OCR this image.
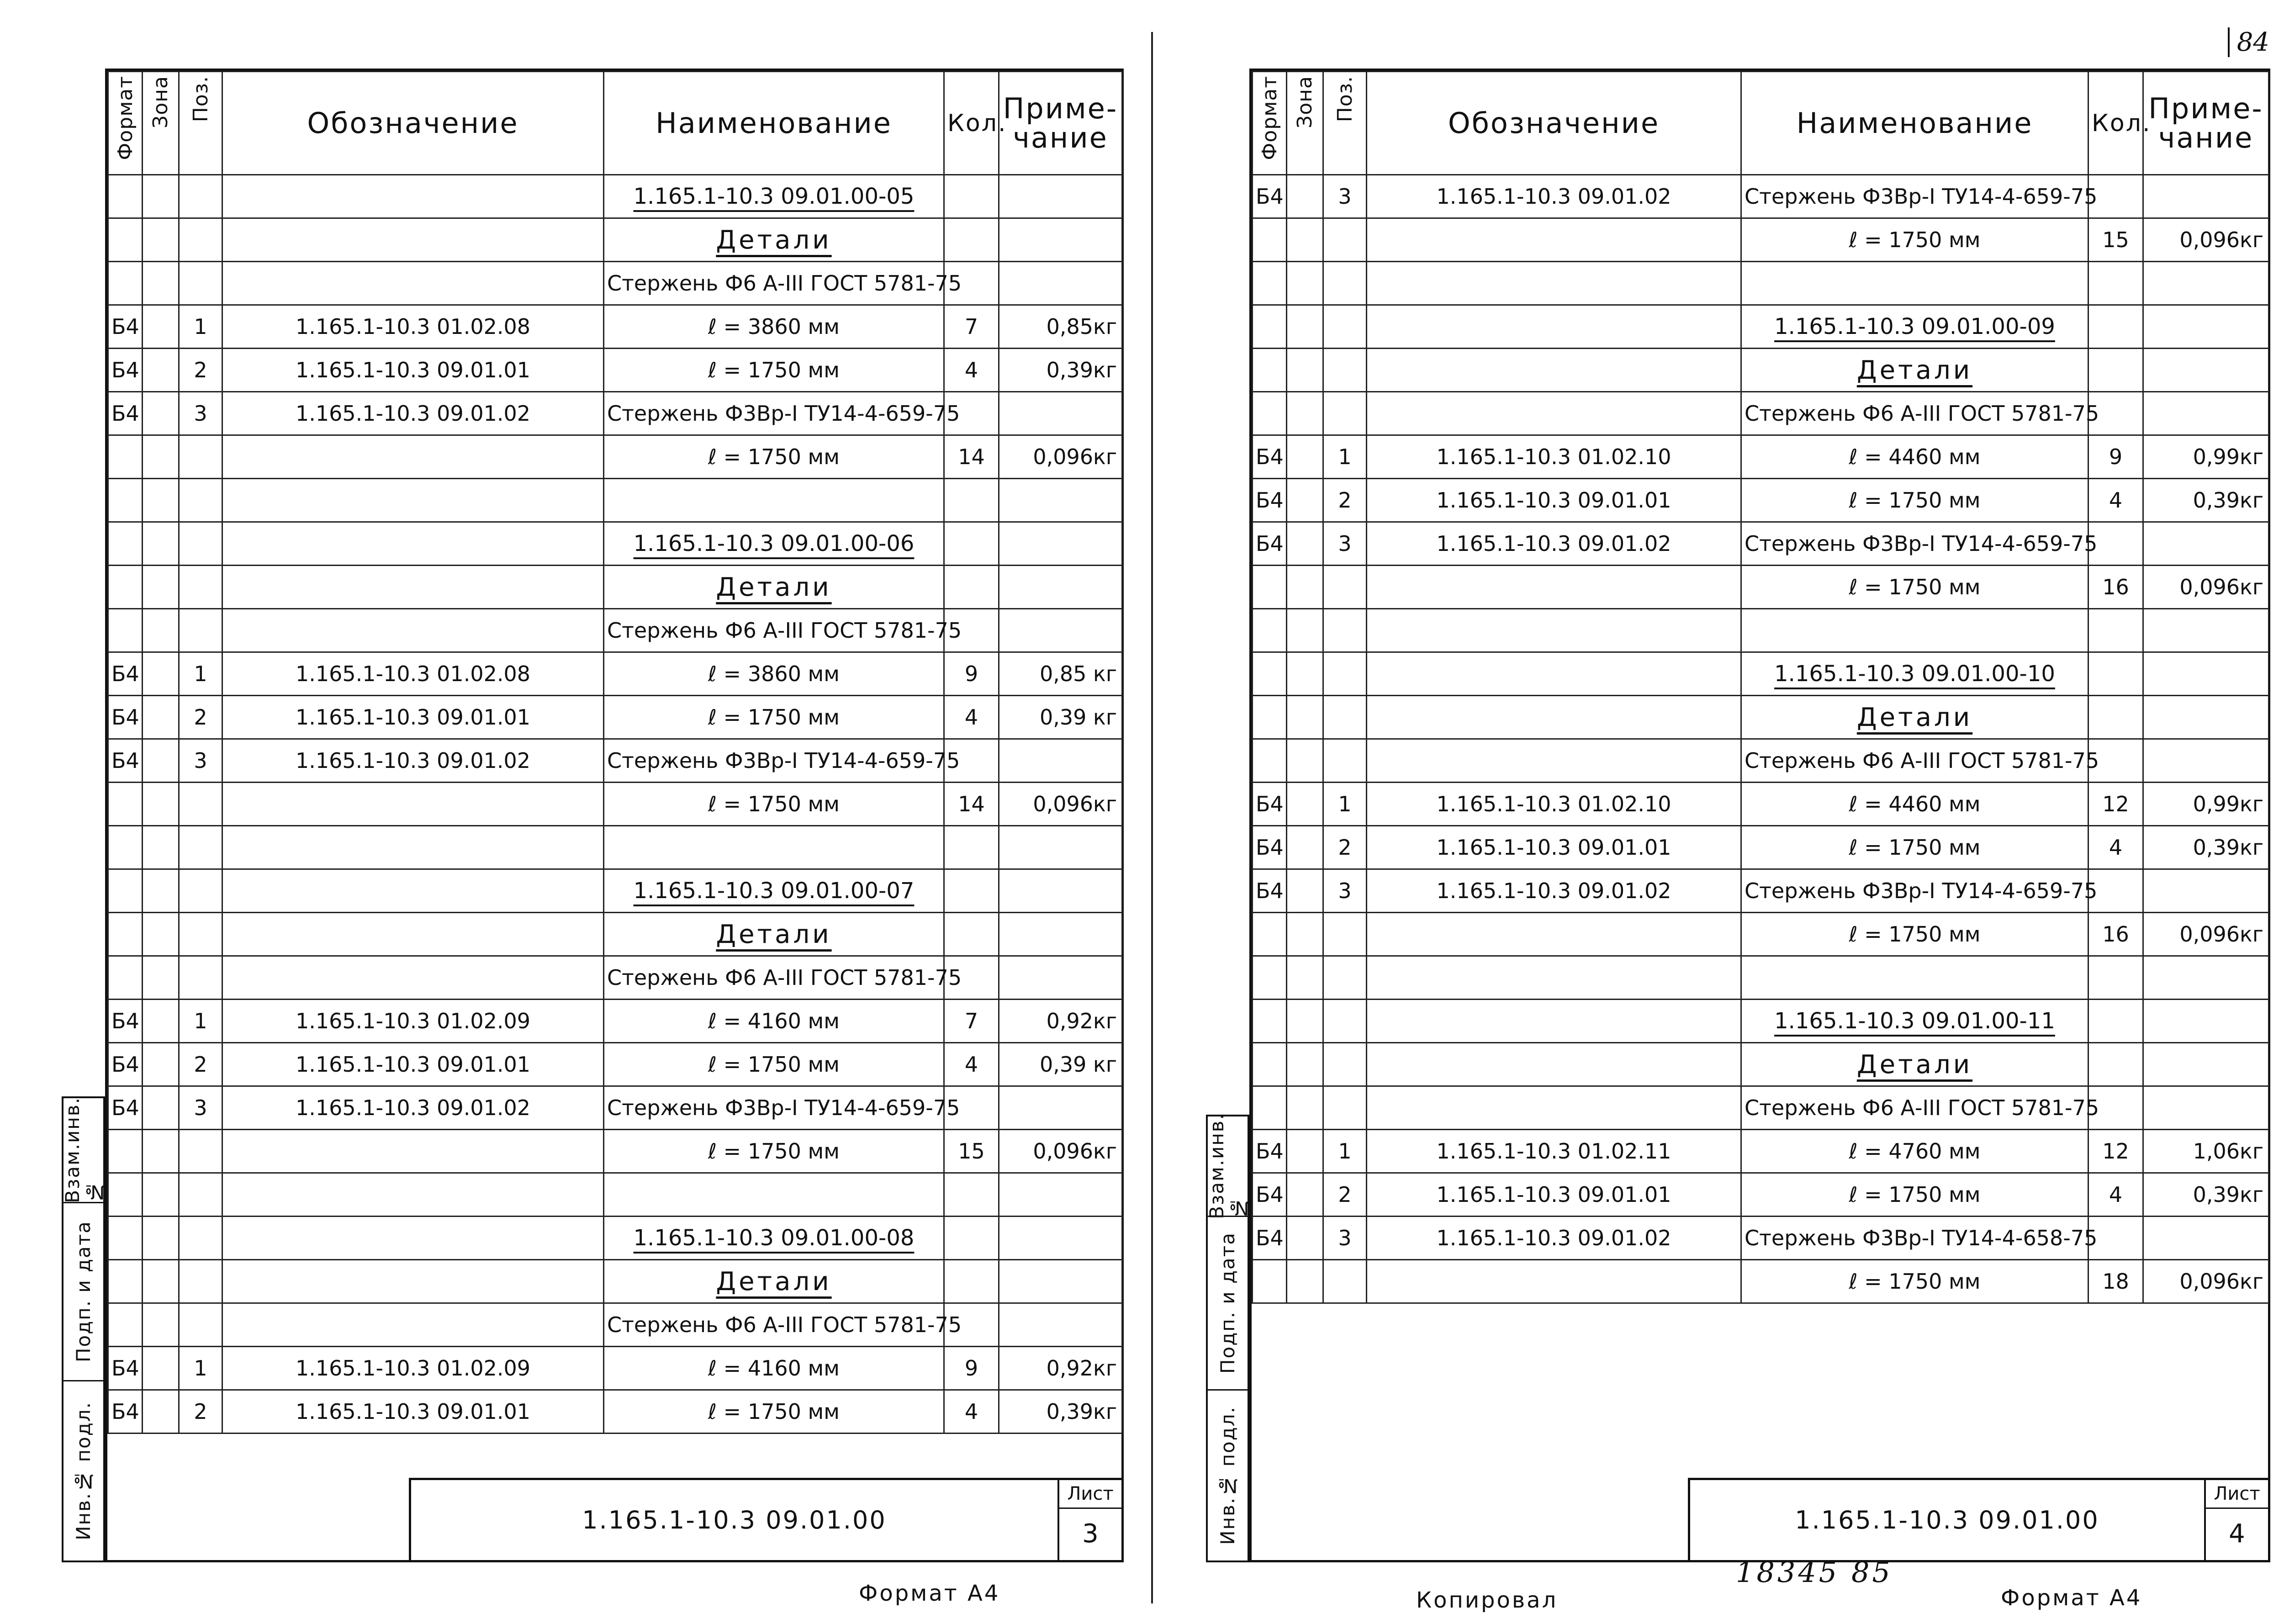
84
Взам.инв.№
Подп. и дата
Инв.№ подл.
Формат	Зона	Поз.	Обозначение	Наименование	Кол.	Приме-чание
				1.165.1-10.3 09.01.00-05		
				Детали		
				Стержень Ф6 А-III ГОСТ 5781-75		
Б4		1	1.165.1-10.3 01.02.08	ℓ = 3860 мм	7	0,85кг
Б4		2	1.165.1-10.3 09.01.01	ℓ = 1750 мм	4	0,39кг
Б4		3	1.165.1-10.3 09.01.02	Стержень Ф3Вр-I ТУ14-4-659-75		
				ℓ = 1750 мм	14	0,096кг

				1.165.1-10.3 09.01.00-06		
				Детали		
				Стержень Ф6 А-III ГОСТ 5781-75		
Б4		1	1.165.1-10.3 01.02.08	ℓ = 3860 мм	9	0,85 кг
Б4		2	1.165.1-10.3 09.01.01	ℓ = 1750 мм	4	0,39 кг
Б4		3	1.165.1-10.3 09.01.02	Стержень Ф3Вр-I ТУ14-4-659-75		
				ℓ = 1750 мм	14	0,096кг

				1.165.1-10.3 09.01.00-07		
				Детали		
				Стержень Ф6 А-III ГОСТ 5781-75		
Б4		1	1.165.1-10.3 01.02.09	ℓ = 4160 мм	7	0,92кг
Б4		2	1.165.1-10.3 09.01.01	ℓ = 1750 мм	4	0,39 кг
Б4		3	1.165.1-10.3 09.01.02	Стержень Ф3Вр-I ТУ14-4-659-75		
				ℓ = 1750 мм	15	0,096кг

				1.165.1-10.3 09.01.00-08		
				Детали		
				Стержень Ф6 А-III ГОСТ 5781-75		
Б4		1	1.165.1-10.3 01.02.09	ℓ = 4160 мм	9	0,92кг
Б4		2	1.165.1-10.3 09.01.01	ℓ = 1750 мм	4	0,39кг
1.165.1-10.3 09.01.00
Лист
3
Формат А4
Взам.инв.№
Подп. и дата
Инв.№ подл.
Формат	Зона	Поз.	Обозначение	Наименование	Кол.	Приме-чание
Б4		3	1.165.1-10.3 09.01.02	Стержень Ф3Вр-I ТУ14-4-659-75		
				ℓ = 1750 мм	15	0,096кг

				1.165.1-10.3 09.01.00-09		
				Детали		
				Стержень Ф6 А-III ГОСТ 5781-75		
Б4		1	1.165.1-10.3 01.02.10	ℓ = 4460 мм	9	0,99кг
Б4		2	1.165.1-10.3 09.01.01	ℓ = 1750 мм	4	0,39кг
Б4		3	1.165.1-10.3 09.01.02	Стержень Ф3Вр-I ТУ14-4-659-75		
				ℓ = 1750 мм	16	0,096кг

				1.165.1-10.3 09.01.00-10		
				Детали		
				Стержень Ф6 А-III ГОСТ 5781-75		
Б4		1	1.165.1-10.3 01.02.10	ℓ = 4460 мм	12	0,99кг
Б4		2	1.165.1-10.3 09.01.01	ℓ = 1750 мм	4	0,39кг
Б4		3	1.165.1-10.3 09.01.02	Стержень Ф3Вр-I ТУ14-4-659-75		
				ℓ = 1750 мм	16	0,096кг

				1.165.1-10.3 09.01.00-11		
				Детали		
				Стержень Ф6 А-III ГОСТ 5781-75		
Б4		1	1.165.1-10.3 01.02.11	ℓ = 4760 мм	12	1,06кг
Б4		2	1.165.1-10.3 09.01.01	ℓ = 1750 мм	4	0,39кг
Б4		3	1.165.1-10.3 09.01.02	Стержень Ф3Вр-I ТУ14-4-658-75		
				ℓ = 1750 мм	18	0,096кг
1.165.1-10.3 09.01.00
Лист
4
18345 85
Копировал	Формат А4
